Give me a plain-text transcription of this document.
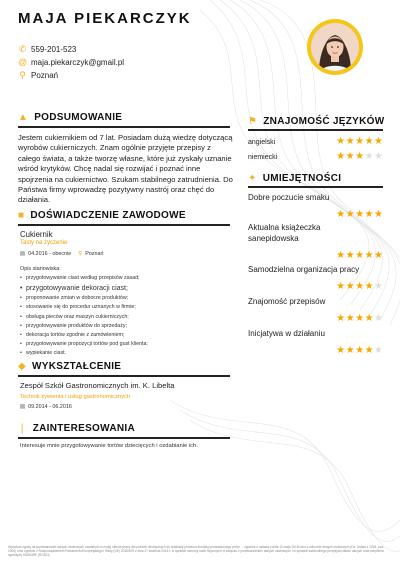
MAJA PIEKARCZYK
✆ 559-201-523
@ maja.piekarczyk@gmail.pl
⚲ Poznań
▲ PODSUMOWANIE
Jestem cukiernikiem od 7 lat. Posiadam dużą wiedzę dotyczącą wyrobów cukierniczych. Znam ogólnie przyjęte przepisy z całego świata, a także tworzę własne, które już zyskały uznanie wśród krytyków. Chcę nadal się rozwijać i poznać inne spojrzenia na cukiernictwo. Szukam stabilnego zatrudnienia. Do Państwa firmy wprowadzę pozytywny nastrój oraz chęć do działania.
■ DOŚWIADCZENIE ZAWODOWE
Cukiernik
Tasty na życzenie
▤ 04.2016 - obecnie ⚲ Poznań
Opis stanowiska:
• przygotowywanie ciast według przepisów zasad;
• przygotowywanie dekoracji ciast;
• proponowanie zmian w doborze produktów;
• stosowanie się do procedur uznanych w firmie;
• obsługa pieców oraz maszyn cukierniczych;
• przygotowywanie produktów do sprzedaży;
• dekoracja tortów zgodnie z zamówieniem;
• przygotowywanie propozycji tortów pod gust klienta;
• wypiekanie ciast.
◆ WYKSZTAŁCENIE
Zespół Szkół Gastronomicznych im. K. Libelta
Technik żywienia i usług gastronomicznych
▤ 09.2014 - 06.2016
❘ ZAINTERESOWANIA
Interesuje mnie przygotowywanie tortów dziecięcych i ozdabianie ich.
⚑ ZNAJOMOŚĆ JĘZYKÓW
angielski	★ ★ ★ ★ ★
niemiecki	★ ★ ★ ★ ★
✦ UMIEJĘTNOŚCI
Dobre poczucie smaku
★ ★ ★ ★ ★
Aktualna książeczka
sanepidowska
★ ★ ★ ★ ★
Samodzielna organizacja pracy
★ ★ ★ ★ ★
Znajomość przepisów
★ ★ ★ ★ ★
Inicjatywa w działaniu
★ ★ ★ ★ ★
Wyrażam zgodę na przetwarzanie danych osobowych zawartych w mojej ofercie pracy dla potrzeb niezbędnych do realizacji procesu rekrutacji prowadzonego przez ... zgodnie z ustawą z dnia 10 maja 2018 roku o ochronie danych osobowych (Dz. Ustaw z 2018, poz. 1000) oraz zgodnie z Rozporządzeniem Parlamentu Europejskiego i Rady (UE) 2016/679 z dnia 27 kwietnia 2016 r. w sprawie ochrony osób fizycznych w związku z przetwarzaniem danych osobowych i w sprawie swobodnego przepływu takich danych oraz uchylenia dyrektywy 95/46/WE (RODO).
